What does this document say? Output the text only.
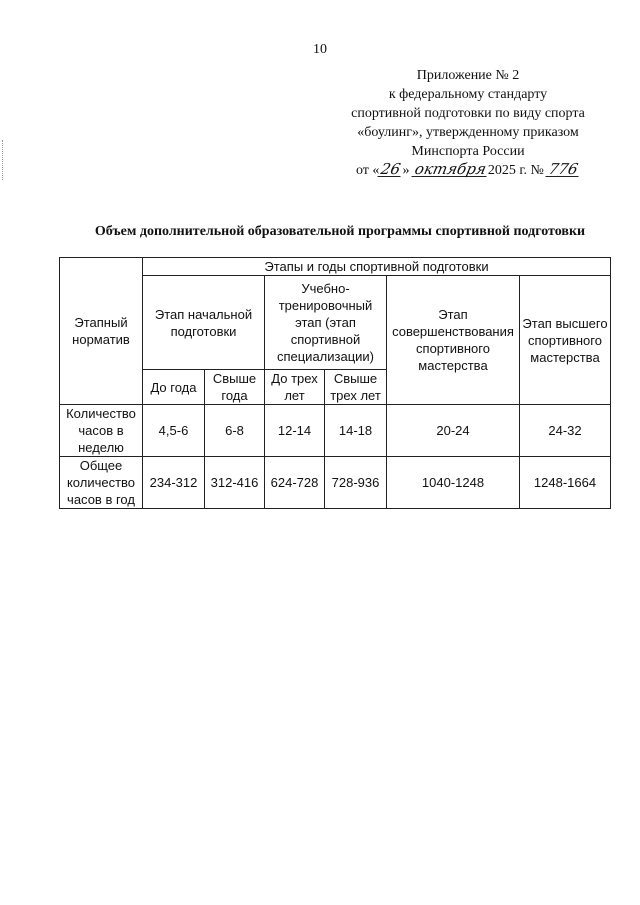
10
Приложение № 2
к федеральному стандарту
спортивной подготовки по виду спорта
«боулинг», утвержденному приказом
Минспорта России
от «26» октября2025 г. № 776
Объем дополнительной образовательной программы спортивной подготовки
Этапный норматив	Этапы и годы спортивной подготовки					
	Этап начальной подготовки		Учебно-тренировочный этап (этап спортивной специализации)		Этап совершенствования спортивного мастерства	Этап высшего спортивного мастерства
	До года	Свыше года	До трех лет	Свыше трех лет		
Количество часов в неделю	4,5-6	6-8	12-14	14-18	20-24	24-32
Общее количество часов в год	234-312	312-416	624-728	728-936	1040-1248	1248-1664
